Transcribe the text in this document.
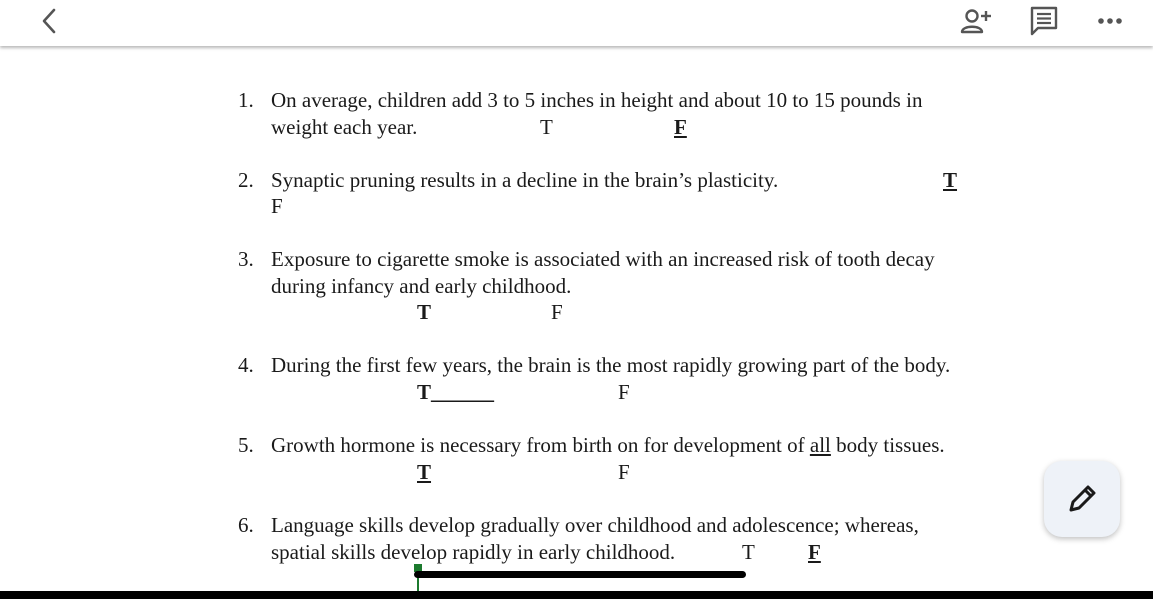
1. On average, children add 3 to 5 inches in height and about 10 to 15 pounds in
weight each year.	T	F
2. Synaptic pruning results in a decline in the brain’s plasticity.	T
F
3. Exposure to cigarette smoke is associated with an increased risk of tooth decay
during infancy and early childhood.
T	F
4. During the first few years, the brain is the most rapidly growing part of the body.
T______	F
5. Growth hormone is necessary from birth on for development of all body tissues.
T	F
6. Language skills develop gradually over childhood and adolescence; whereas,
spatial skills develop rapidly in early childhood.	T	F
